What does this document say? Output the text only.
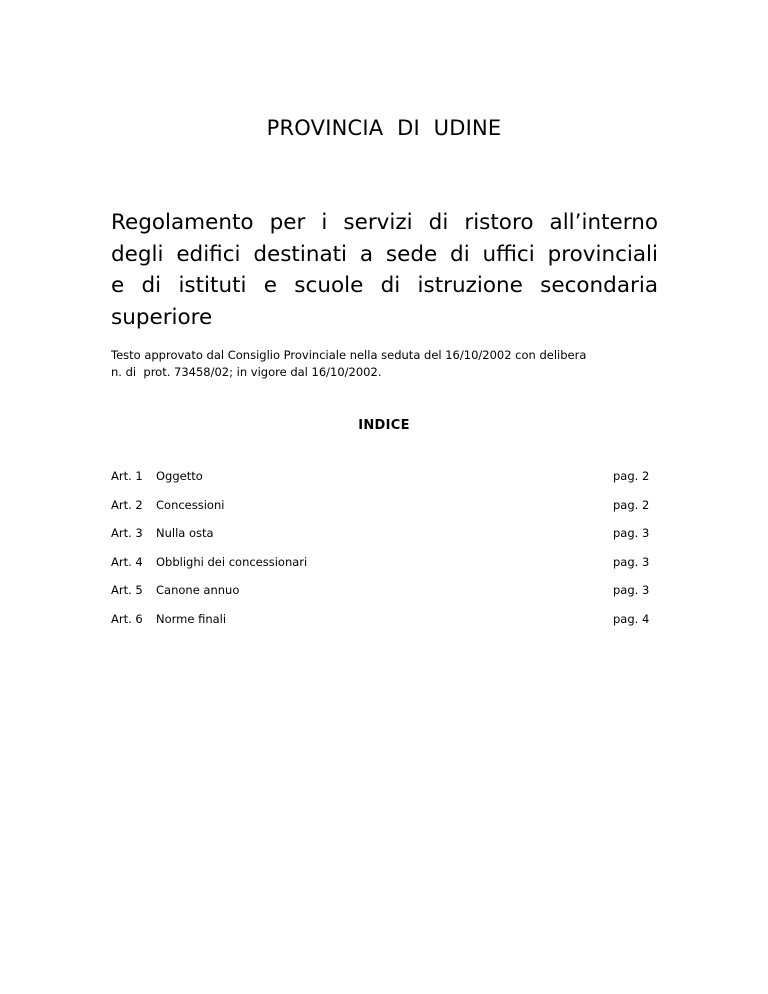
PROVINCIA  DI  UDINE
Regolamento per i servizi di ristoro all’interno
degli edifici destinati a sede di uffici provinciali
e di istituti e scuole di istruzione secondaria
superiore
Testo approvato dal Consiglio Provinciale nella seduta del 16/10/2002 con delibera
n. di  prot. 73458/02; in vigore dal 16/10/2002.
INDICE
Art. 1 Oggetto	pag. 2
Art. 2 Concessioni	pag. 2
Art. 3 Nulla osta	pag. 3
Art. 4 Obblighi dei concessionari	pag. 3
Art. 5 Canone annuo	pag. 3
Art. 6 Norme finali	pag. 4
